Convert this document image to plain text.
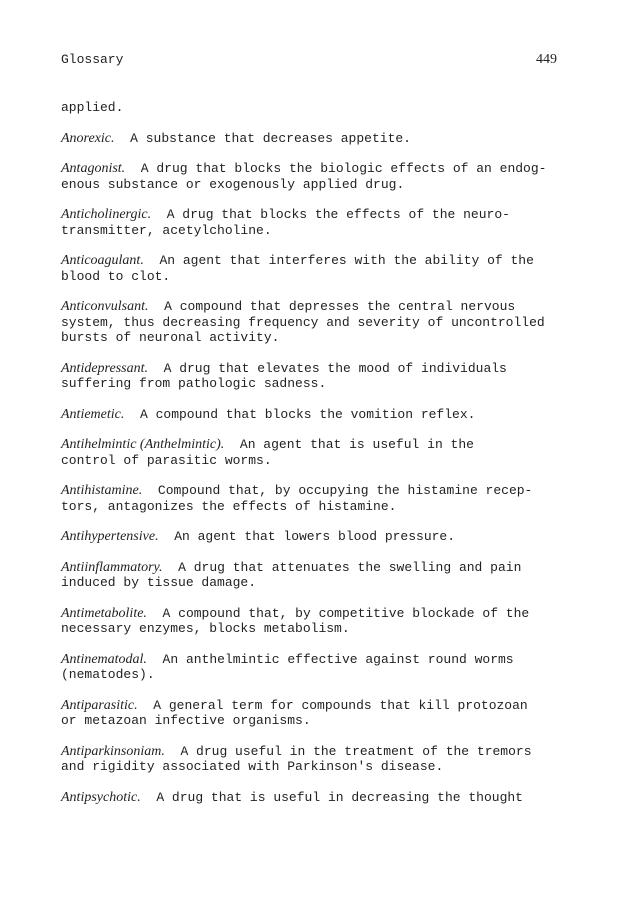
Glossary	449

applied.

Anorexic. A substance that decreases appetite.

Antagonist. A drug that blocks the biologic effects of an endog-
enous substance or exogenously applied drug.

Anticholinergic. A drug that blocks the effects of the neuro-
transmitter, acetylcholine.

Anticoagulant. An agent that interferes with the ability of the
blood to clot.

Anticonvulsant. A compound that depresses the central nervous
system, thus decreasing frequency and severity of uncontrolled
bursts of neuronal activity.

Antidepressant. A drug that elevates the mood of individuals
suffering from pathologic sadness.

Antiemetic. A compound that blocks the vomition reflex.

Antihelmintic (Anthelmintic). An agent that is useful in the
control of parasitic worms.

Antihistamine. Compound that, by occupying the histamine recep-
tors, antagonizes the effects of histamine.

Antihypertensive. An agent that lowers blood pressure.

Antiinflammatory. A drug that attenuates the swelling and pain
induced by tissue damage.

Antimetabolite. A compound that, by competitive blockade of the
necessary enzymes, blocks metabolism.

Antinematodal. An anthelmintic effective against round worms
(nematodes).

Antiparasitic. A general term for compounds that kill protozoan
or metazoan infective organisms.

Antiparkinsoniam. A drug useful in the treatment of the tremors
and rigidity associated with Parkinson's disease.

Antipsychotic. A drug that is useful in decreasing the thought
